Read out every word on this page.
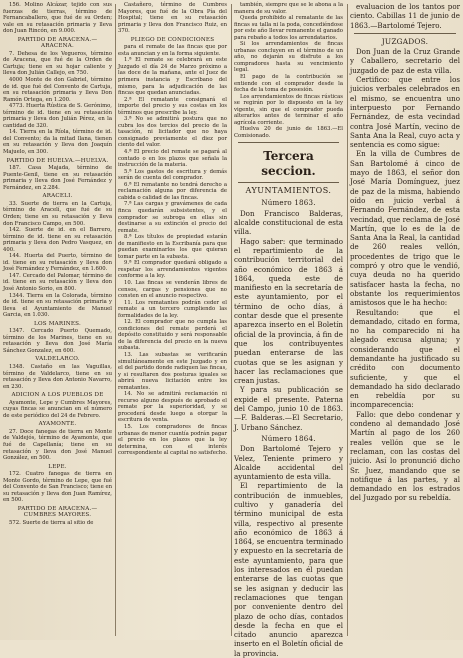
156. Molino Alcázar, tejido con sus fuerzas de tierras, término de Fernancaballero, que fué de su Orden; vale en su retasación primaria y lleva don Juan Rincón, en 9.000.

PARTIDO DE ARACENA.—ARACENA.

7. Dehesa de los Vegueros, término de Aracena, que fué de la Orden de Cartuja; tiene en su hojar caliente y lleva don Julián Callejo, en 750.

4000 Monte de don Gabriel, término de id. que fué del Convento de Cartuja, en su retasación primaria y lleva Don Ramón Ortega, en 1.200.

4773. Huerta Rústica de S. Gerónimo, término de id. tiene en su retasación primaria y lleva don Julián Pérez, en la cantidad de 320.

14. Tierra en la Ríola, término de id. del Convento; da la mitad llana, tienen en su retasación y lleva don Joaquín Majuelo, en 300.

PARTIDO DE HUELVA.—HUELVA.

187. Casa Majada, término de Puente-Genil, tiene en su retasación primaria y lleva don José Fernández y Fernández, en 2.284.

ARACELI.

33. Suerte de tierra en la Cartuja, término de Aracelí, que fué de su Orden; tiene en su retasación y lleva don Francisco Campo, en 500.

142. Suerte de id. en el Barrero, término de id. tiene en su retasación primaria y lleva don Pedro Vasquez, en 400.

144. Huerta del Puerto, término de id. tiene en su retasación y lleva don José Fernández y Fernández, en 1.600.

147. Cercado del Palomar, término de id. tiene en su retasación y lleva don José Antonio Sorio, en 800.

1344. Tierra en la Colorada, término de id. tiene en su retasación primaria y lleva el Ayuntamiento de Manuel Garcia, en 1.030.

LOS MARINES.

1347. Cercado Puerto Quemado, término de los Marines, tiene en su retasación y lleva don José María Sánchez Gonzalez, en 600.

VALDELARCO.

1348. Castaño en las Vaguillas, término de Valdelarco, tiene en su retasación y lleva don Antonio Navarro, en 230.

ADICION A LOS PUEBLOS DE

Ayamonte, Lepe y Cumbres Mayores, cuyas fincas se anuncian en el número de este periódico del 24 de Febrero.

AYAMONTE.

27. Doce fanegas de tierra en Monte de Valdejós, término de Ayamonte, que fué de Capellanía; tiene en su retasación y lleva don José Manuel González, en 500.

LEPE.

172. Cuatro fanegas de tierra en Monte Gordo, término de Lepe, que fué del Convento de San Francisco; tiene en su retasación y lleva don Juan Ramírez, en 500.

PARTIDO DE ARACENA.—CUMBRES MAYORES.

572. Suerte de tierra al sitio de

Castañero, término de Cumbres Mayores, que fué de la Obra Pía del Hospital; tiene en su retasación primaria y lleva don Francisco Ruiz, en 370.

PLIEGO DE CONDICIONES

para el remate de las fincas que por esta anuncian y en la forma siguiente.

1.ª El remate se celebrará en este Juzgado el día 24 de Marzo próximo a las doce de la mañana, ante el Juez de primera instancia y Escribano del mismo, para la adjudicación de las fincas que quedan anunciadas.

2.ª El rematante consignará el importe del precio y sus costas en los términos que prescribe la ley.

3.ª No se admitirá postura que no cubra los dos tercios del precio de la tasación, ni licitador que no haya consignado previamente el diez por ciento del valor.

4.ª El precio del remate se pagará al contado o en los plazos que señala la instrucción de la materia.

5.ª Los gastos de escritura y demás serán de cuenta del comprador.

6.ª El rematante no tendrá derecho a reclamación alguna por diferencia de cabida o calidad de las fincas.

7.ª Las cargas y gravámenes de cada finca quedarán subsistentes, y el comprador se subroga en ellas sin destinarse a su extinción el precio del remate.

8.ª Los títulos de propiedad estarán de manifiesto en la Escribanía para que puedan examinarlos los que quieran tomar parte en la subasta.

9.ª El comprador quedará obligado a respetar los arrendamientos vigentes conforme a la ley.

10. Las fincas se venderán libres de censos, cargas y pensiones que no consten en el anuncio respectivo.

11. Los rematantes podrán ceder el remate a un tercero cumpliendo las formalidades de la ley.

12. El comprador que no cumpla las condiciones del remate perderá el depósito constituido y será responsable de la diferencia del precio en la nueva subasta.

13. Las subastas se verificarán simultáneamente en este Juzgado y en el del partido donde radiquen las fincas, y si resultaren dos posturas iguales se abrirá nueva licitación entre los rematantes.

14. No se admitirá reclamación ni recurso alguno después de aprobado el remate por la superioridad, y se procederá desde luego a otorgar la escritura de venta.

15. Los compradores de fincas urbanas de menor cuantía podrán pagar el precio en los plazos que la ley determina, con el interés correspondiente al capital no satisfecho.

también, siempre que se le abona a la manera de su valor.

Queda prohibido al rematante de las fincas su talla ni la poda, concediéndose por este año llevar remanente el ganado para rebaño a todos los arrendatarios.

Si los arrendamientos de fincas urbanas concluyen en el término de un año, no dejarán su disfrute a los compradores hasta su vencimiento legal.

El pago de la contribución se entiende con el comprador desde la fecha de la toma de posesión.

Los arrendamientos de fincas rústicas se regirán por lo dispuesto en la ley vigente, sin que el comprador pueda alterarlos antes de terminar el año agrícola corriente.

Huelva 20 de junio de 1863.—El Comisionado.

Tercera seccion.

AYUNTAMIENTOS.

Número 1863.

Don Francisco Balderas, alcalde constitucional de esta villa.

Hago saber: que terminado el repartimiento de la contribución territorial del año económico de 1863 á 1864, queda este de manifiesto en la secretaría de este ayuntamiento, por el término de ocho días, á contar desde que el presente aparezca inserto en el Boletín oficial de la provincia, á fin de que los contribuyentes puedan enterarse de las cuotas que se les asignan y hacer las reclamaciones que crean justas.

Y para su publicación se expide el presente. Paterna del Campo, junio 10 de 1863.—F. Balderas.—El Secretario, J. Urbano Sánchez.

Número 1864.

Don Bartolomé Tejero y Velez, Teniente primero y Alcalde accidental del ayuntamiento de esta villa.

El repartimiento de la contribución de inmuebles, cultivo y ganadería del término municipal de esta villa, respectivo al presente año económico de 1863 á 1864, se encuentra terminado y expuesto en la secretaría de este ayuntamiento, para que los interesados en él puedan enterarse de las cuotas que se les asignan y deducir las reclamaciones que tengan por conveniente dentro del plazo de ocho días, contados desde la fecha en que el citado anuncio aparezca inserto en el Boletín oficial de la provincia.

evaluacion de los tantos por ciento. Cabillas 11 de junio de 1863.—Bartolomé Tejero.

JUZGADOS.

Don Juan de la Cruz Grande y Caballero, secretario del juzgado de paz de esta villa.

Certifico: que entre los juicios verbales celebrados en el mismo, se encuentra uno interpuesto por Fernando Fernández, de esta vecindad contra José Martín, vecino de Santa Ana la Real, cuyo acta y sentencia es como sigue:

En la villa de Cumbres de San Bartolomé á cinco de mayo de 1863, el señor don José María Domínguez, juez de paz de la misma, habiendo oído en juicio verbal á Fernando Fernández, de esta vecindad, que reclama de José Martín, que lo es de la de Santa Ana la Real, la cantidad de 260 reales vellón, procedentes de trigo que le compró y otro que le vendió, cuya deuda no ha querido satisfacer hasta la fecha, no obstante los requerimientos amistosos que le ha hecho:

Resultando: que el demandado, citado en forma, no ha comparecido ni ha alegado excusa alguna; y considerando que el demandante ha justificado su crédito con documento suficiente, y que el demandado ha sido declarado en rebeldía por su incomparecencia:

Fallo: que debo condenar y condeno al demandado José Martín al pago de los 260 reales vellón que se le reclaman, con las costas del juicio. Así lo pronunció dicho Sr. Juez, mandando que se notifique á las partes, y al demandado en los estrados del Juzgado por su rebeldía.
